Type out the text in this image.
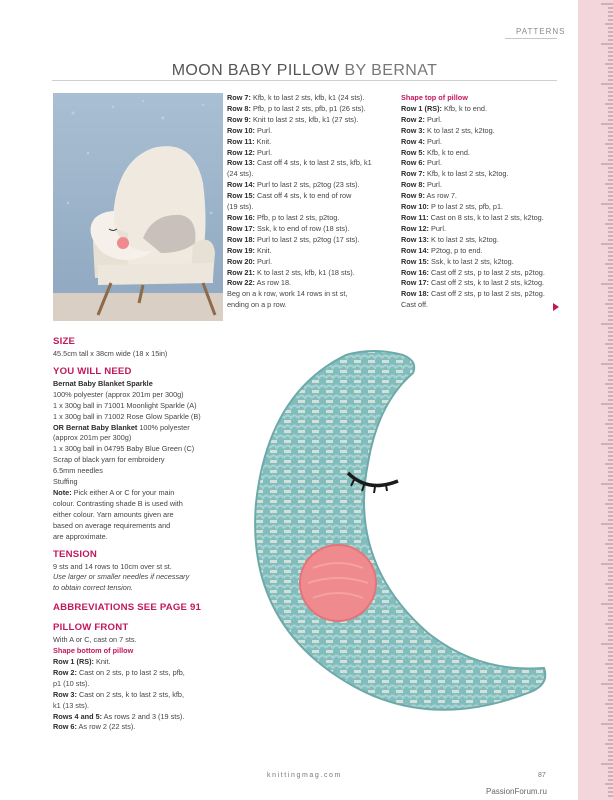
PATTERNS
MOON BABY PILLOW BY BERNAT
Row 7: Kfb, k to last 2 sts, kfb, k1 (24 sts).
Row 8: Pfb, p to last 2 sts, pfb, p1 (26 sts).
Row 9: Knit to last 2 sts, kfb, k1 (27 sts).
Row 10: Purl.
Row 11: Knit.
Row 12: Purl.
Row 13: Cast off 4 sts, k to last 2 sts, kfb, k1
(24 sts).
Row 14: Purl to last 2 sts, p2tog (23 sts).
Row 15: Cast off 4 sts, k to end of row
(19 sts).
Row 16: Pfb, p to last 2 sts, p2tog.
Row 17: Ssk, k to end of row (18 sts).
Row 18: Purl to last 2 sts, p2tog (17 sts).
Row 19: Knit.
Row 20: Purl.
Row 21: K to last 2 sts, kfb, k1 (18 sts).
Row 22: As row 18.
Beg on a k row, work 14 rows in st st,
ending on a p row.
Shape top of pillow
Row 1 (RS): Kfb, k to end.
Row 2: Purl.
Row 3: K to last 2 sts, k2tog.
Row 4: Purl.
Row 5: Kfb, k to end.
Row 6: Purl.
Row 7: Kfb, k to last 2 sts, k2tog.
Row 8: Purl.
Row 9: As row 7.
Row 10: P to last 2 sts, pfb, p1.
Row 11: Cast on 8 sts, k to last 2 sts, k2tog.
Row 12: Purl.
Row 13: K to last 2 sts, k2tog.
Row 14: P2tog, p to end.
Row 15: Ssk, k to last 2 sts, k2tog.
Row 16: Cast off 2 sts, p to last 2 sts, p2tog.
Row 17: Cast off 2 sts, k to last 2 sts, k2tog.
Row 18: Cast off 2 sts, p to last 2 sts, p2tog.
Cast off.
SIZE
45.5cm tall x 38cm wide (18 x 15in)
YOU WILL NEED
Bernat Baby Blanket Sparkle
100% polyester (approx 201m per 300g)
1 x 300g ball in 71001 Moonlight Sparkle (A)
1 x 300g ball in 71002 Rose Glow Sparkle (B)
OR Bernat Baby Blanket 100% polyester
(approx 201m per 300g)
1 x 300g ball in 04795 Baby Blue Green (C)
Scrap of black yarn for embroidery
6.5mm needles
Stuffing
Note: Pick either A or C for your main
colour. Contrasting shade B is used with
either colour. Yarn amounts given are
based on average requirements and
are approximate.
TENSION
9 sts and 14 rows to 10cm over st st.
Use larger or smaller needles if necessary
to obtain correct tension.
ABBREVIATIONS SEE PAGE 91
PILLOW FRONT
With A or C, cast on 7 sts.
Shape bottom of pillow
Row 1 (RS): Knit.
Row 2: Cast on 2 sts, p to last 2 sts, pfb,
p1 (10 sts).
Row 3: Cast on 2 sts, k to last 2 sts, kfb,
k1 (13 sts).
Rows 4 and 5: As rows 2 and 3 (19 sts).
Row 6: As row 2 (22 sts).
knittingmag.com	87
PassionForum.ru
